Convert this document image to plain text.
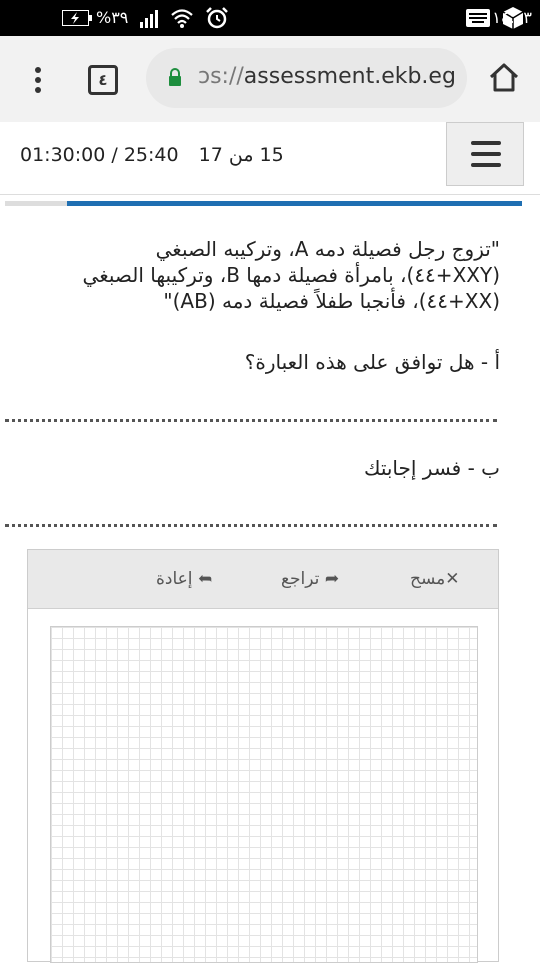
%٣٩	١٤:٠٣
٤	ɔs://assessment.ekb.eg
01:30:00 / 25:40 15 من 17
"تزوج رجل فصيلة دمه A، وتركيبه الصبغي
(XXY+٤٤)، بامرأة فصيلة دمها B، وتركيبها الصبغي
(XX+٤٤)، فأنجبا طفلاً فصيلة دمه (AB)"
أ - هل توافق على هذه العبارة؟
ب - فسر إجابتك
✕مسح
➦ تراجع
➦ إعادة
